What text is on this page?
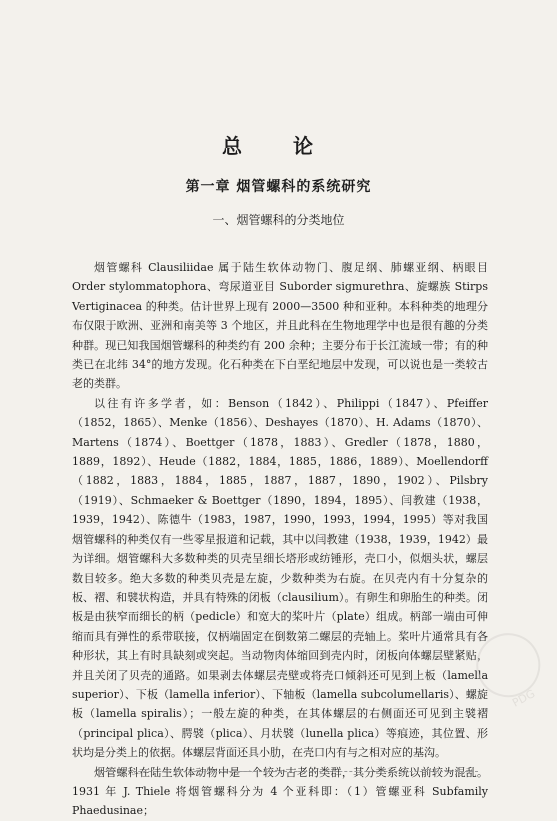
总 论
第一章 烟管螺科的系统研究
一、烟管螺科的分类地位

烟管螺科 Clausiliidae 属于陆生软体动物门、腹足纲、肺螺亚纲、柄眼目 Order stylommatophora、弯尿道亚目 Suborder sigmurethra、旋螺族 Stirps Vertiginacea 的种类。估计世界上现有 2000—3500 种和亚种。本科种类的地理分布仅限于欧洲、亚洲和南美等 3 个地区，并且此科在生物地理学中也是很有趣的分类种群。现已知我国烟管螺科的种类约有 200 余种；主要分布于长江流域一带；有的种类已在北纬 34°的地方发现。化石种类在下白垩纪地层中发现，可以说也是一类较古老的类群。

以往有许多学者，如：Benson（1842）、Philippi（1847）、Pfeiffer（1852，1865）、Menke（1856）、Deshayes（1870）、H. Adams（1870）、Martens（1874）、Boettger（1878，1883）、Gredler（1878，1880，1889，1892）、Heude（1882，1884，1885，1886，1889）、Moellendorff（1882，1883，1884，1885，1887，1887，1890，1902）、Pilsbry（1919）、Schmaeker & Boettger（1890，1894，1895）、闫教建（1938，1939，1942）、陈德牛（1983，1987，1990，1993，1994，1995）等对我国烟管螺科的种类仅有一些零星报道和记载，其中以闫教建（1938，1939，1942）最为详细。烟管螺科大多数种类的贝壳呈细长塔形或纺锤形，壳口小，似烟头状，螺层数目较多。绝大多数的种类贝壳是左旋，少数种类为右旋。在贝壳内有十分复杂的板、褶、和襞状构造，并具有特殊的闭板（clausilium）。有卵生和卵胎生的种类。闭板是由狭窄而细长的柄（pedicle）和宽大的桨叶片（plate）组成。柄部一端由可伸缩而具有弹性的系带联接，仅柄端固定在倒数第二螺层的壳轴上。桨叶片通常具有各种形状，其上有时具缺刻或突起。当动物肉体缩回到壳内时，闭板向体螺层壁紧贴，并且关闭了贝壳的通路。如果剥去体螺层壳壁或将壳口倾斜还可见到上板（lamella superior）、下板（lamella inferior）、下轴板（lamella subcolumellaris）、螺旋板（lamella spiralis）；一般左旋的种类，在其体螺层的右侧面还可见到主襞褶（principal plica）、腭襞（plica）、月状襞（lunella plica）等痕迹，其位置、形状均是分类上的依据。体螺层背面还具小肋，在壳口内有与之相对应的基沟。

烟管螺科在陆生软体动物中是一个较为古老的类群，其分类系统以前较为混乱。1931 年 J. Thiele 将烟管螺科分为 4 个亚科即：（1）管螺亚科 Subfamily Phaedusinae；

PDG
